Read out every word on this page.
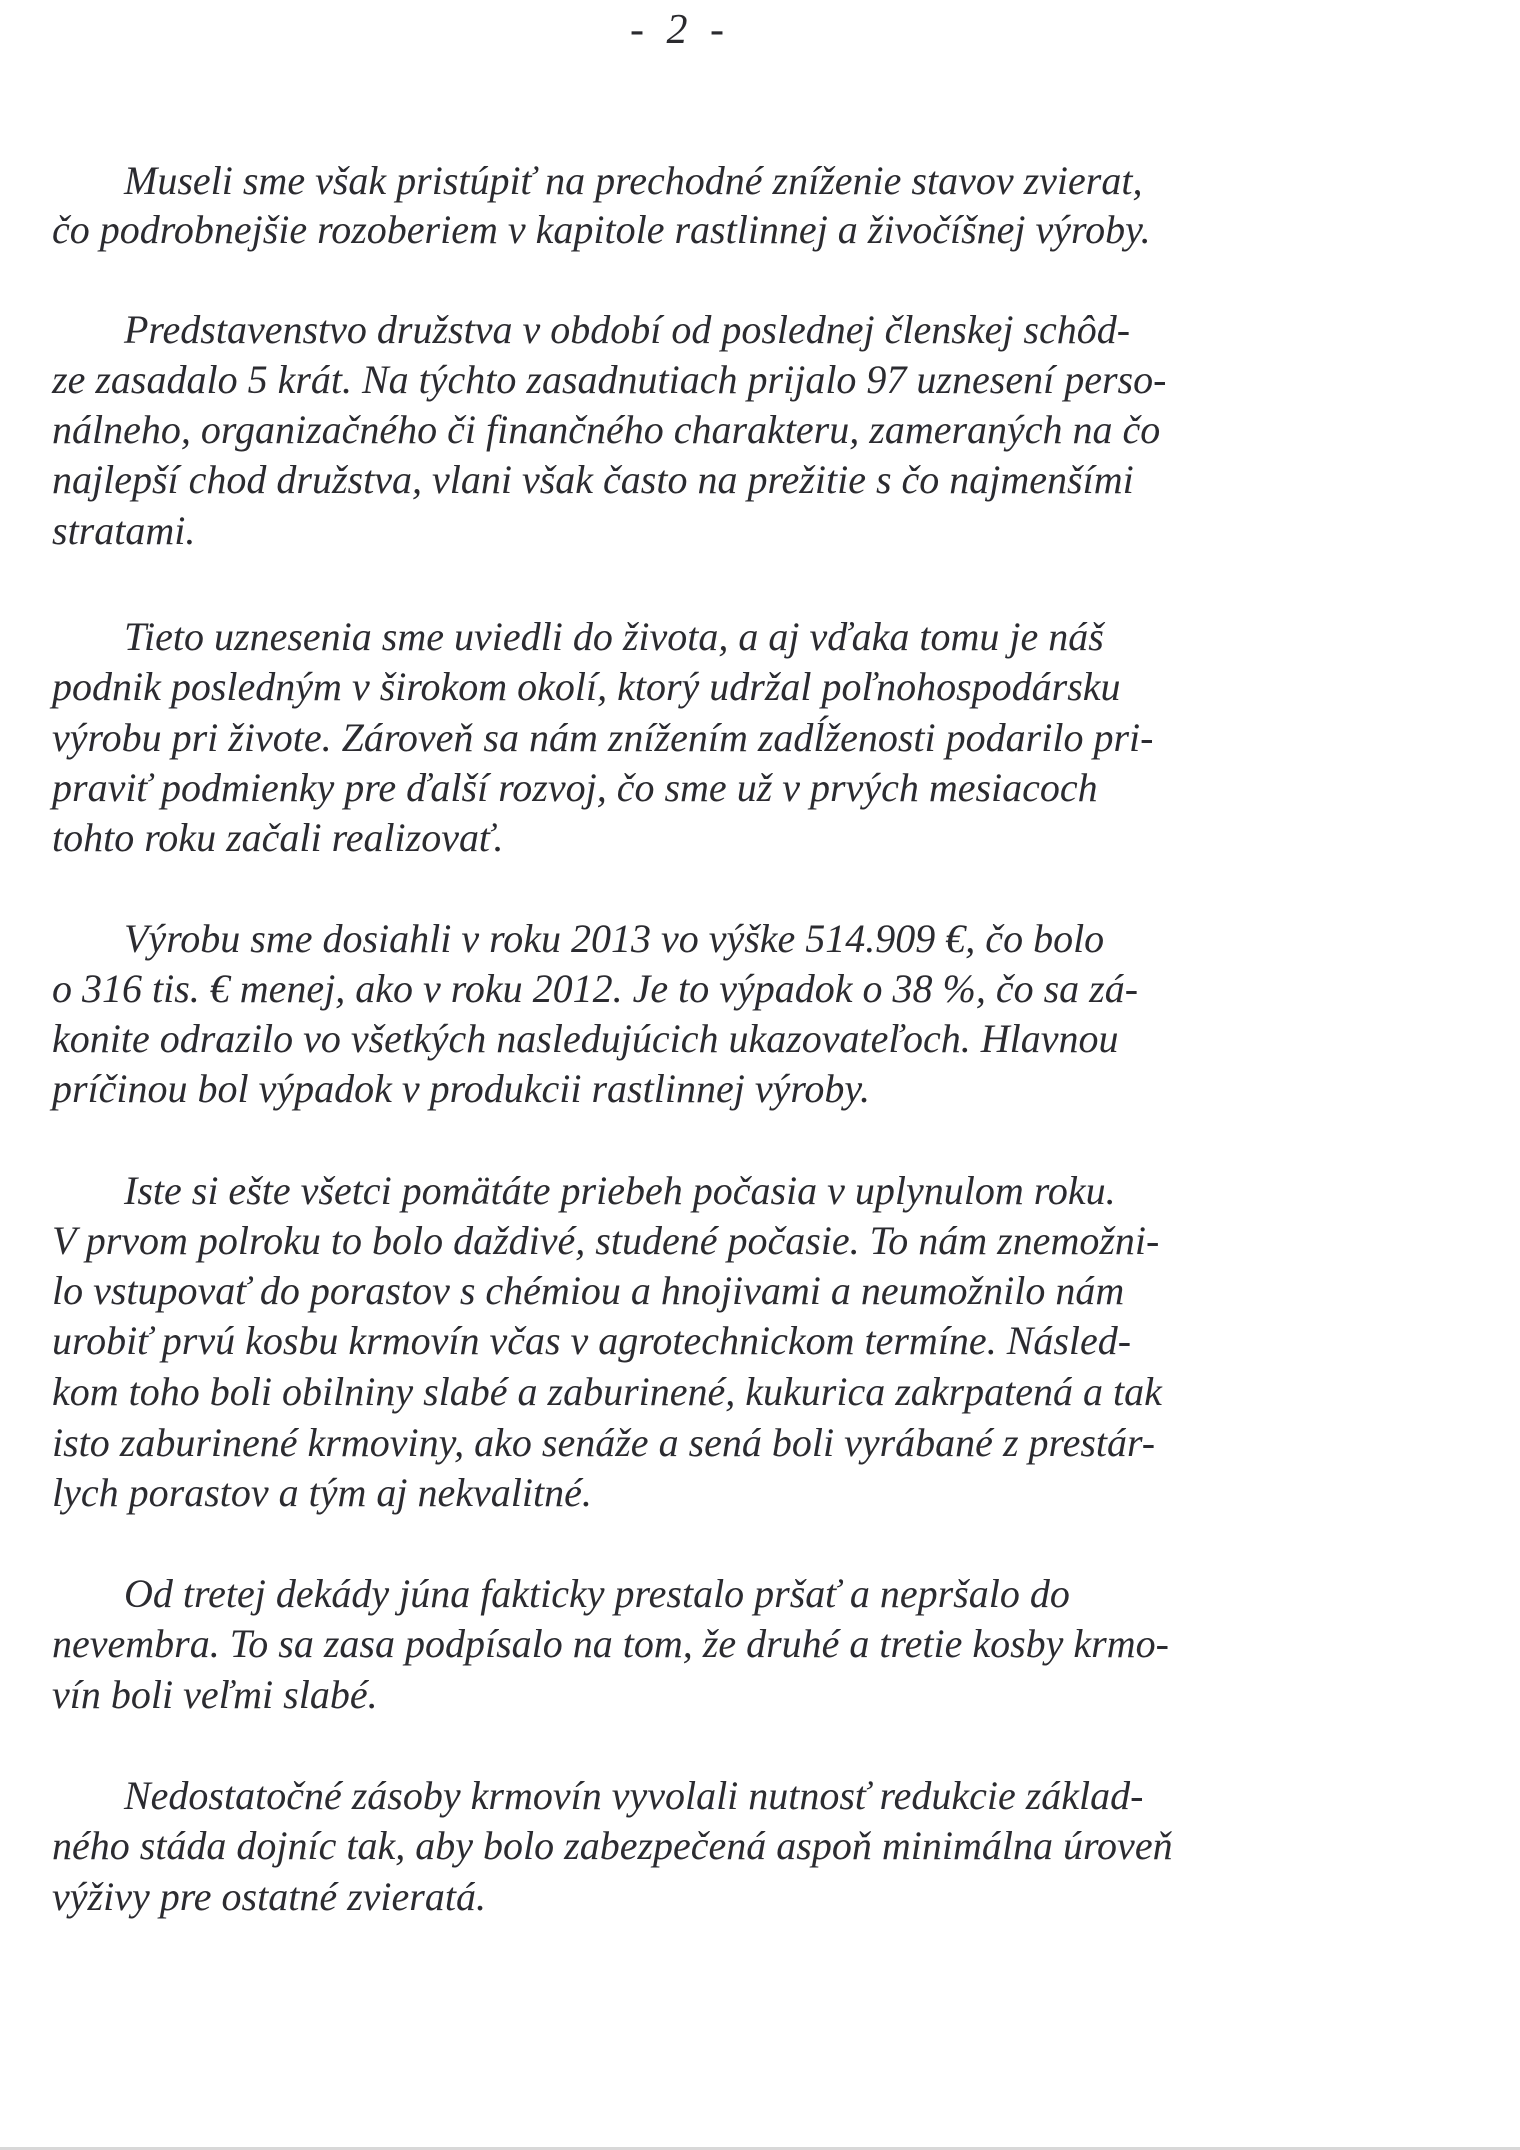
- 2 -
Museli sme však pristúpiť na prechodné zníženie stavov zvierat,
čo podrobnejšie rozoberiem v kapitole rastlinnej a živočíšnej výroby.
Predstavenstvo družstva v období od poslednej členskej schôd-
ze zasadalo 5 krát. Na týchto zasadnutiach prijalo 97 uznesení perso-
nálneho, organizačného či finančného charakteru, zameraných na čo
najlepší chod družstva, vlani však často na prežitie s čo najmenšími
stratami.
Tieto uznesenia sme uviedli do života, a aj vďaka tomu je náš
podnik posledným v širokom okolí, ktorý udržal poľnohospodársku
výrobu pri živote. Zároveň sa nám znížením zadĺženosti podarilo pri-
praviť podmienky pre ďalší rozvoj, čo sme už v prvých mesiacoch
tohto roku začali realizovať.
Výrobu sme dosiahli v roku 2013 vo výške 514.909 €, čo bolo
o 316 tis. € menej, ako v roku 2012. Je to výpadok o 38 %, čo sa zá-
konite odrazilo vo všetkých nasledujúcich ukazovateľoch. Hlavnou
príčinou bol výpadok v produkcii rastlinnej výroby.
Iste si ešte všetci pomätáte priebeh počasia v uplynulom roku.
V prvom polroku to bolo daždivé, studené počasie. To nám znemožni-
lo vstupovať do porastov s chémiou a hnojivami a neumožnilo nám
urobiť prvú kosbu krmovín včas v agrotechnickom termíne. Násled-
kom toho boli obilniny slabé a zaburinené, kukurica zakrpatená a tak
isto zaburinené krmoviny, ako senáže a sená boli vyrábané z prestár-
lych porastov a tým aj nekvalitné.
Od tretej dekády júna fakticky prestalo pršať a nepršalo do
nevembra. To sa zasa podpísalo na tom, že druhé a tretie kosby krmo-
vín boli veľmi slabé.
Nedostatočné zásoby krmovín vyvolali nutnosť redukcie základ-
ného stáda dojníc tak, aby bolo zabezpečená aspoň minimálna úroveň
výživy pre ostatné zvieratá.
